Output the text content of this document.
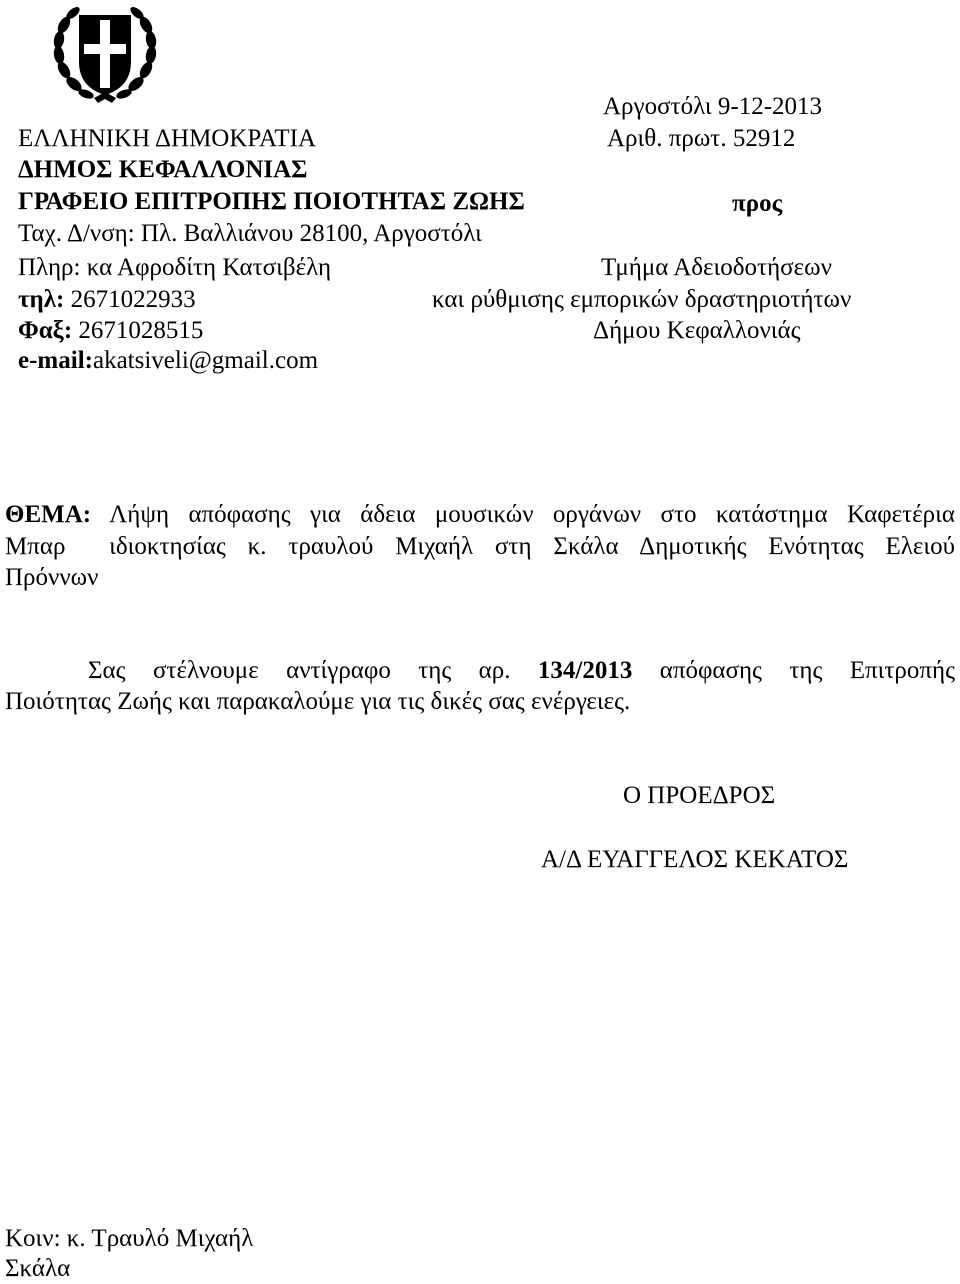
Αργοστόλι 9-12-2013
Αριθ. πρωτ. 52912
ΕΛΛΗΝΙΚΗ ΔΗΜΟΚΡΑΤΙΑ
ΔΗΜΟΣ ΚΕΦΑΛΛΟΝΙΑΣ
ΓΡΑΦΕΙΟ ΕΠΙΤΡΟΠΗΣ ΠΟΙΟΤΗΤΑΣ ΖΩΗΣ	προς
Ταχ. Δ/νση: Πλ. Βαλλιάνου 28100, Αργοστόλι
Πληρ: κα Αφροδίτη Κατσιβέλη
τηλ: 2671022933
Φαξ: 2671028515
e-mail:akatsiveli@gmail.com
Τμήμα Αδειοδοτήσεων
και ρύθμισης εμπορικών δραστηριοτήτων
Δήμου Κεφαλλονιάς
ΘΕΜΑ: Λήψη απόφασης για άδεια μουσικών οργάνων στο κατάστημα Καφετέρια
Μπαρ  ιδιοκτησίας κ. τραυλού Μιχαήλ στη Σκάλα Δημοτικής Ενότητας Ελειού
Πρόννων
Σας στέλνουμε αντίγραφο της αρ. 134/2013 απόφασης της Επιτροπής
Ποιότητας Ζωής και παρακαλούμε για τις δικές σας ενέργειες.
Ο ΠΡΟΕΔΡΟΣ
Α/Δ ΕΥΑΓΓΕΛΟΣ ΚΕΚΑΤΟΣ
Κοιν: κ. Τραυλό Μιχαήλ
Σκάλα
